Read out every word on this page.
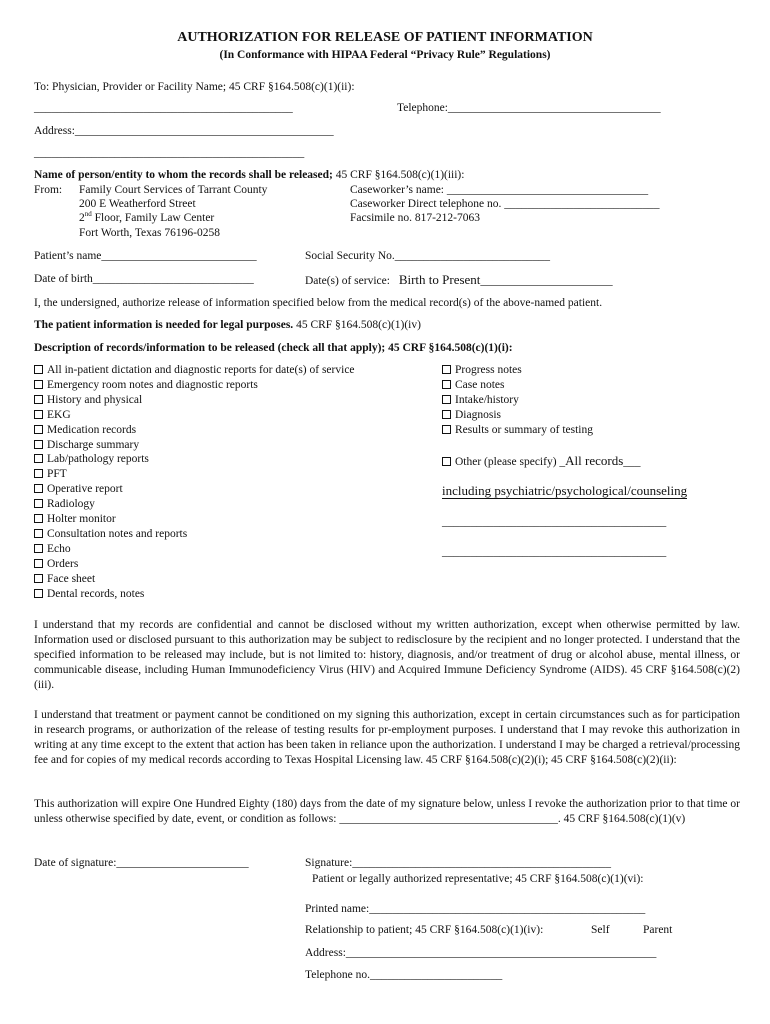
AUTHORIZATION FOR RELEASE OF PATIENT INFORMATION
(In Conformance with HIPAA Federal “Privacy Rule” Regulations)
To: Physician, Provider or Facility Name; 45 CRF §164.508(c)(1)(ii):
_____________________________________________	Telephone:_____________________________________
Address:_____________________________________________
_______________________________________________
Name of person/entity to whom the records shall be released; 45 CRF §164.508(c)(1)(iii):
From: Family Court Services of Tarrant County
200 E Weatherford Street
2nd Floor, Family Law Center
Fort Worth, Texas 76196-0258
Caseworker’s name: ___________________________________
Caseworker Direct telephone no. ___________________________
Facsimile no. 817-212-7063
Patient’s name___________________________	Social Security No.___________________________
Date of birth____________________________	Date(s) of service: Birth to Present_______________________
I, the undersigned, authorize release of information specified below from the medical record(s) of the above-named patient.
The patient information is needed for legal purposes. 45 CRF §164.508(c)(1)(iv)
Description of records/information to be released (check all that apply); 45 CRF §164.508(c)(1)(i):
All in-patient dictation and diagnostic reports for date(s) of service
Emergency room notes and diagnostic reports
History and physical
EKG
Medication records
Discharge summary
Lab/pathology reports
PFT
Operative report
Radiology
Holter monitor
Consultation notes and reports
Echo
Orders
Face sheet
Dental records, notes
Progress notes
Case notes
Intake/history
Diagnosis
Results or summary of testing
Other (please specify) _All records___
including psychiatric/psychological/counseling
_______________________________________
_______________________________________
I understand that my records are confidential and cannot be disclosed without my written authorization, except when otherwise permitted by law. Information used or disclosed pursuant to this authorization may be subject to redisclosure by the recipient and no longer protected. I understand that the specified information to be released may include, but is not limited to: history, diagnosis, and/or treatment of drug or alcohol abuse, mental illness, or communicable disease, including Human Immunodeficiency Virus (HIV) and Acquired Immune Deficiency Syndrome (AIDS). 45 CRF §164.508(c)(2)(iii).
I understand that treatment or payment cannot be conditioned on my signing this authorization, except in certain circumstances such as for participation in research programs, or authorization of the release of testing results for pr-employment purposes. I understand that I may revoke this authorization in writing at any time except to the extent that action has been taken in reliance upon the authorization. I understand I may be charged a retrieval/processing fee and for copies of my medical records according to Texas Hospital Licensing law. 45 CRF §164.508(c)(2)(i); 45 CRF §164.508(c)(2)(ii):
This authorization will expire One Hundred Eighty (180) days from the date of my signature below, unless I revoke the authorization prior to that time or unless otherwise specified by date, event, or condition as follows: ______________________________________. 45 CRF §164.508(c)(1)(v)
Date of signature:_______________________	Signature:_____________________________________________
Patient or legally authorized representative; 45 CRF §164.508(c)(1)(vi):
Printed name:________________________________________________
Relationship to patient; 45 CRF §164.508(c)(1)(iv):	Self	Parent
Address:______________________________________________________
Telephone no._______________________
